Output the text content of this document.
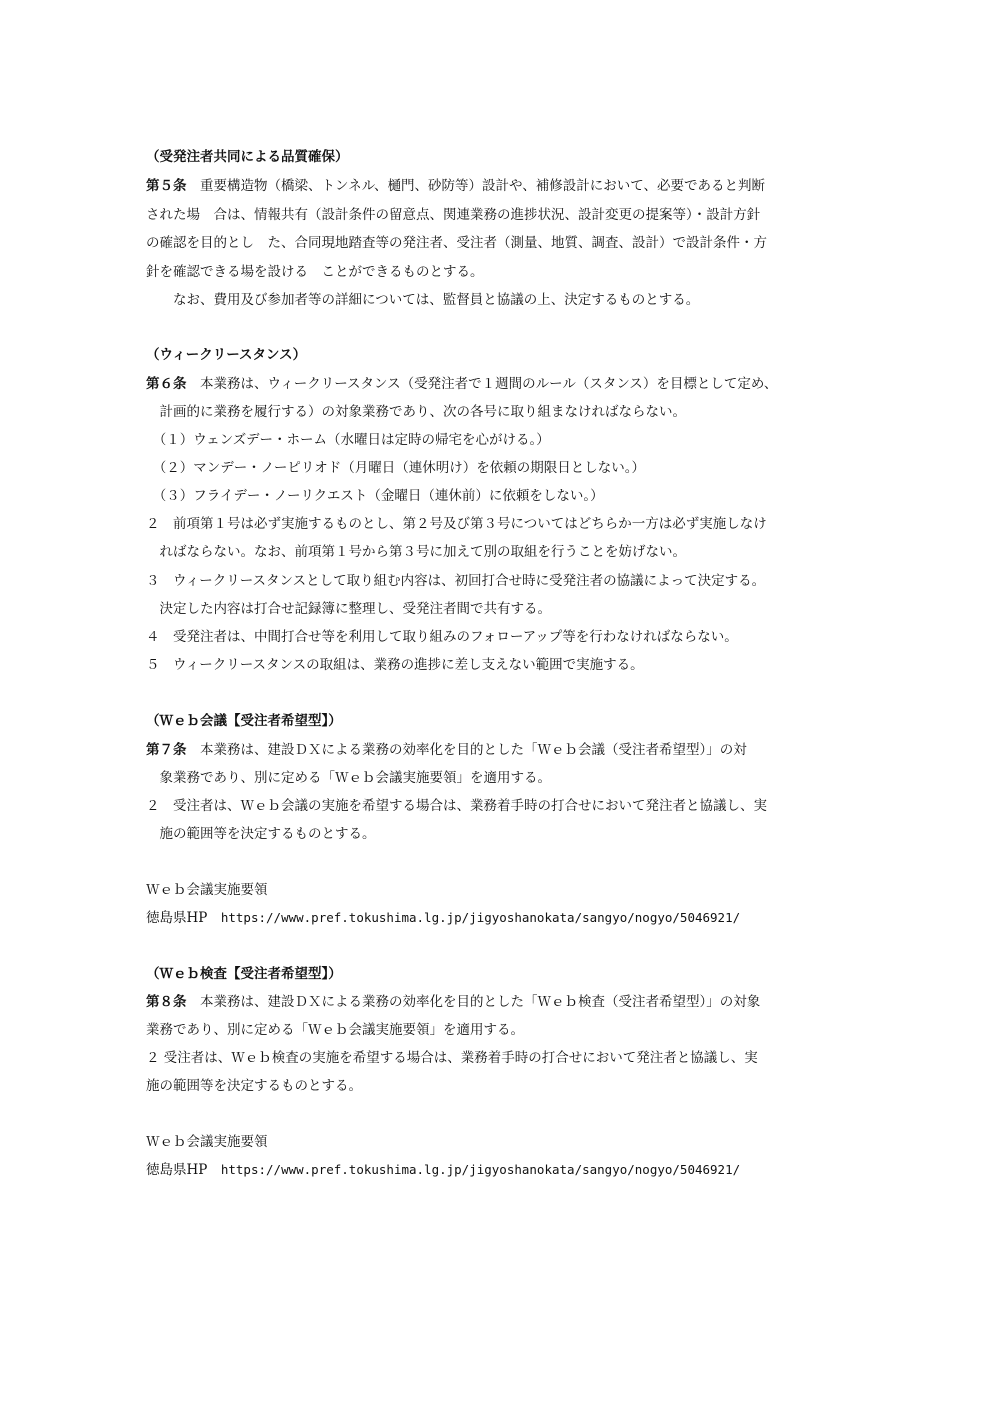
（受発注者共同による品質確保）
第５条　重要構造物（橋梁、トンネル、樋門、砂防等）設計や、補修設計において、必要であると判断
された場　合は、情報共有（設計条件の留意点、関連業務の進捗状況、設計変更の提案等）・設計方針
の確認を目的とし　た、合同現地踏査等の発注者、受注者（測量、地質、調査、設計）で設計条件・方
針を確認できる場を設ける　ことができるものとする。
　　なお、費用及び参加者等の詳細については、監督員と協議の上、決定するものとする。
（ウィークリースタンス）
第６条　本業務は、ウィークリースタンス（受発注者で１週間のルール（スタンス）を目標として定め、
　計画的に業務を履行する）の対象業務であり、次の各号に取り組まなければならない。
　（１）ウェンズデー・ホーム（水曜日は定時の帰宅を心がける。）
　（２）マンデー・ノーピリオド（月曜日（連休明け）を依頼の期限日としない。）
　（３）フライデー・ノーリクエスト（金曜日（連休前）に依頼をしない。）
２　前項第１号は必ず実施するものとし、第２号及び第３号についてはどちらか一方は必ず実施しなけ
　ればならない。なお、前項第１号から第３号に加えて別の取組を行うことを妨げない。
３　ウィークリースタンスとして取り組む内容は、初回打合せ時に受発注者の協議によって決定する。
　決定した内容は打合せ記録簿に整理し、受発注者間で共有する。
４　受発注者は、中間打合せ等を利用して取り組みのフォローアップ等を行わなければならない。
５　ウィークリースタンスの取組は、業務の進捗に差し支えない範囲で実施する。
（Ｗｅｂ会議【受注者希望型】）
第７条　本業務は、建設ＤＸによる業務の効率化を目的とした「Ｗｅｂ会議（受注者希望型）」の対
　象業務であり、別に定める「Ｗｅｂ会議実施要領」を適用する。
２　受注者は、Ｗｅｂ会議の実施を希望する場合は、業務着手時の打合せにおいて発注者と協議し、実
　施の範囲等を決定するものとする。
Ｗｅｂ会議実施要領
徳島県HP　https://www.pref.tokushima.lg.jp/jigyoshanokata/sangyo/nogyo/5046921/
（Ｗｅｂ検査【受注者希望型】）
第８条　本業務は、建設ＤＸによる業務の効率化を目的とした「Ｗｅｂ検査（受注者希望型）」の対象
業務であり、別に定める「Ｗｅｂ会議実施要領」を適用する。
２ 受注者は、Ｗｅｂ検査の実施を希望する場合は、業務着手時の打合せにおいて発注者と協議し、実
施の範囲等を決定するものとする。
Ｗｅｂ会議実施要領
徳島県HP　https://www.pref.tokushima.lg.jp/jigyoshanokata/sangyo/nogyo/5046921/
